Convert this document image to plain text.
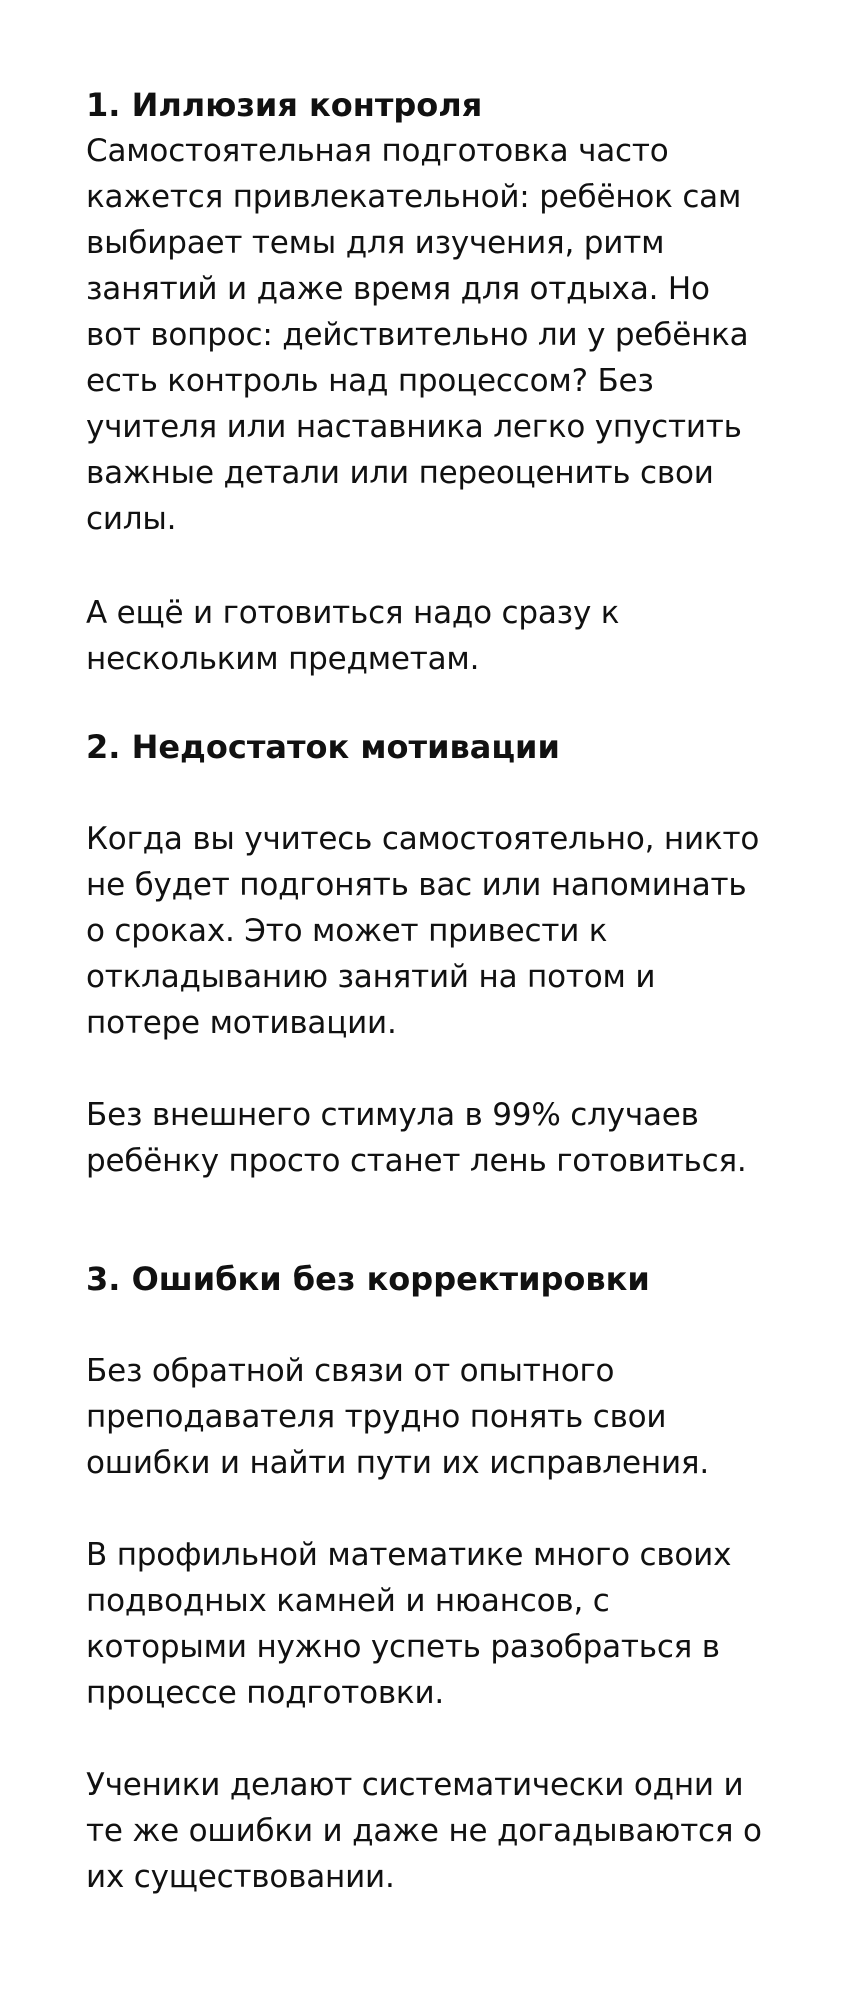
1. Иллюзия контроля

Самостоятельная подготовка часто
кажется привлекательной: ребёнок сам
выбирает темы для изучения, ритм
занятий и даже время для отдыха. Но
вот вопрос: действительно ли у ребёнка
есть контроль над процессом? Без
учителя или наставника легко упустить
важные детали или переоценить свои
силы.

А ещё и готовиться надо сразу к
нескольким предметам.

2. Недостаток мотивации

Когда вы учитесь самостоятельно, никто
не будет подгонять вас или напоминать
о сроках. Это может привести к
откладыванию занятий на потом и
потере мотивации.

Без внешнего стимула в 99% случаев
ребёнку просто станет лень готовиться.

3. Ошибки без корректировки

Без обратной связи от опытного
преподавателя трудно понять свои
ошибки и найти пути их исправления.

В профильной математике много своих
подводных камней и нюансов, с
которыми нужно успеть разобраться в
процессе подготовки.

Ученики делают систематически одни и
те же ошибки и даже не догадываются о
их существовании.
